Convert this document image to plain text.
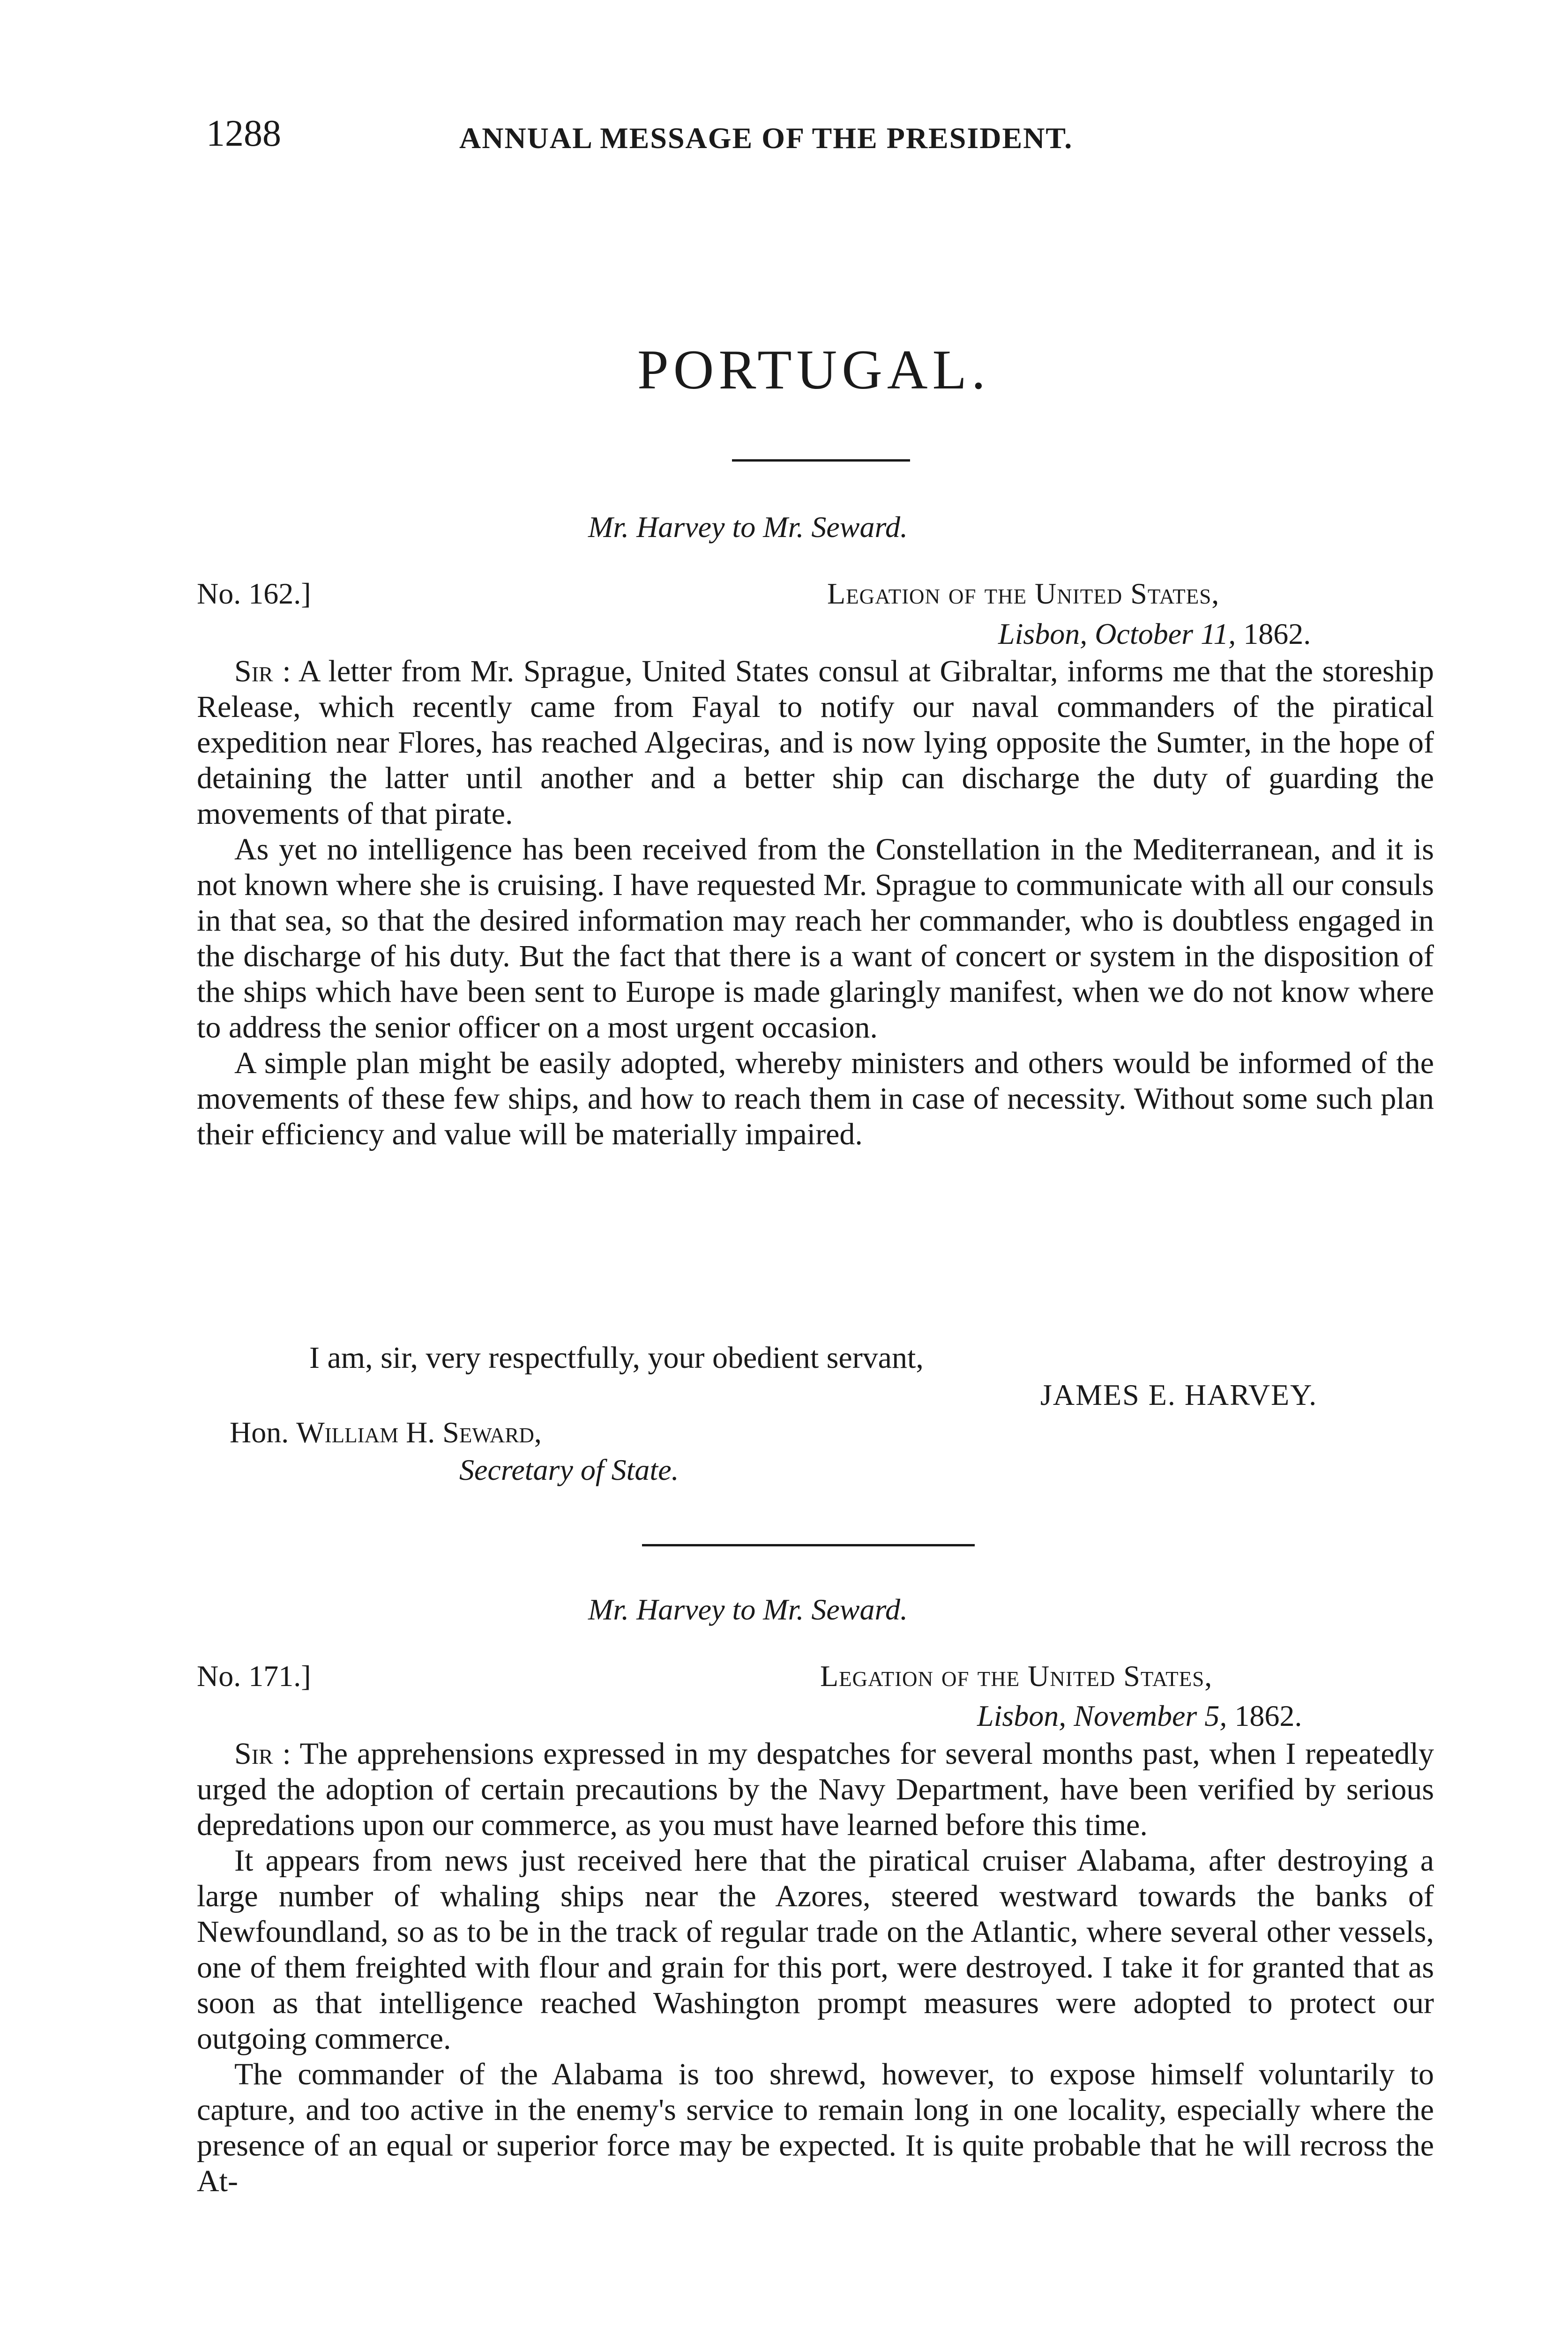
1288	ANNUAL MESSAGE OF THE PRESIDENT.
PORTUGAL.
Mr. Harvey to Mr. Seward.
No. 162.]	Legation of the United States,
Lisbon, October 11, 1862.

Sir : A letter from Mr. Sprague, United States consul at Gibraltar, informs me that the storeship Release, which recently came from Fayal to notify our naval commanders of the piratical expedition near Flores, has reached Algeciras, and is now lying opposite the Sumter, in the hope of detaining the latter until another and a better ship can discharge the duty of guarding the movements of that pirate.

As yet no intelligence has been received from the Constellation in the Mediterranean, and it is not known where she is cruising. I have requested Mr. Sprague to communicate with all our consuls in that sea, so that the desired information may reach her commander, who is doubtless engaged in the discharge of his duty. But the fact that there is a want of concert or system in the disposition of the ships which have been sent to Europe is made glaringly manifest, when we do not know where to address the senior officer on a most urgent occasion.

A simple plan might be easily adopted, whereby ministers and others would be informed of the movements of these few ships, and how to reach them in case of necessity. Without some such plan their efficiency and value will be materially impaired.

I am, sir, very respectfully, your obedient servant,
JAMES E. HARVEY.
Hon. William H. Seward,
Secretary of State.
Mr. Harvey to Mr. Seward.
No. 171.]	Legation of the United States,
Lisbon, November 5, 1862.

Sir : The apprehensions expressed in my despatches for several months past, when I repeatedly urged the adoption of certain precautions by the Navy Department, have been verified by serious depredations upon our commerce, as you must have learned before this time.

It appears from news just received here that the piratical cruiser Alabama, after destroying a large number of whaling ships near the Azores, steered westward towards the banks of Newfoundland, so as to be in the track of regular trade on the Atlantic, where several other vessels, one of them freighted with flour and grain for this port, were destroyed. I take it for granted that as soon as that intelligence reached Washington prompt measures were adopted to protect our outgoing commerce.

The commander of the Alabama is too shrewd, however, to expose himself voluntarily to capture, and too active in the enemy's service to remain long in one locality, especially where the presence of an equal or superior force may be expected. It is quite probable that he will recross the At-
